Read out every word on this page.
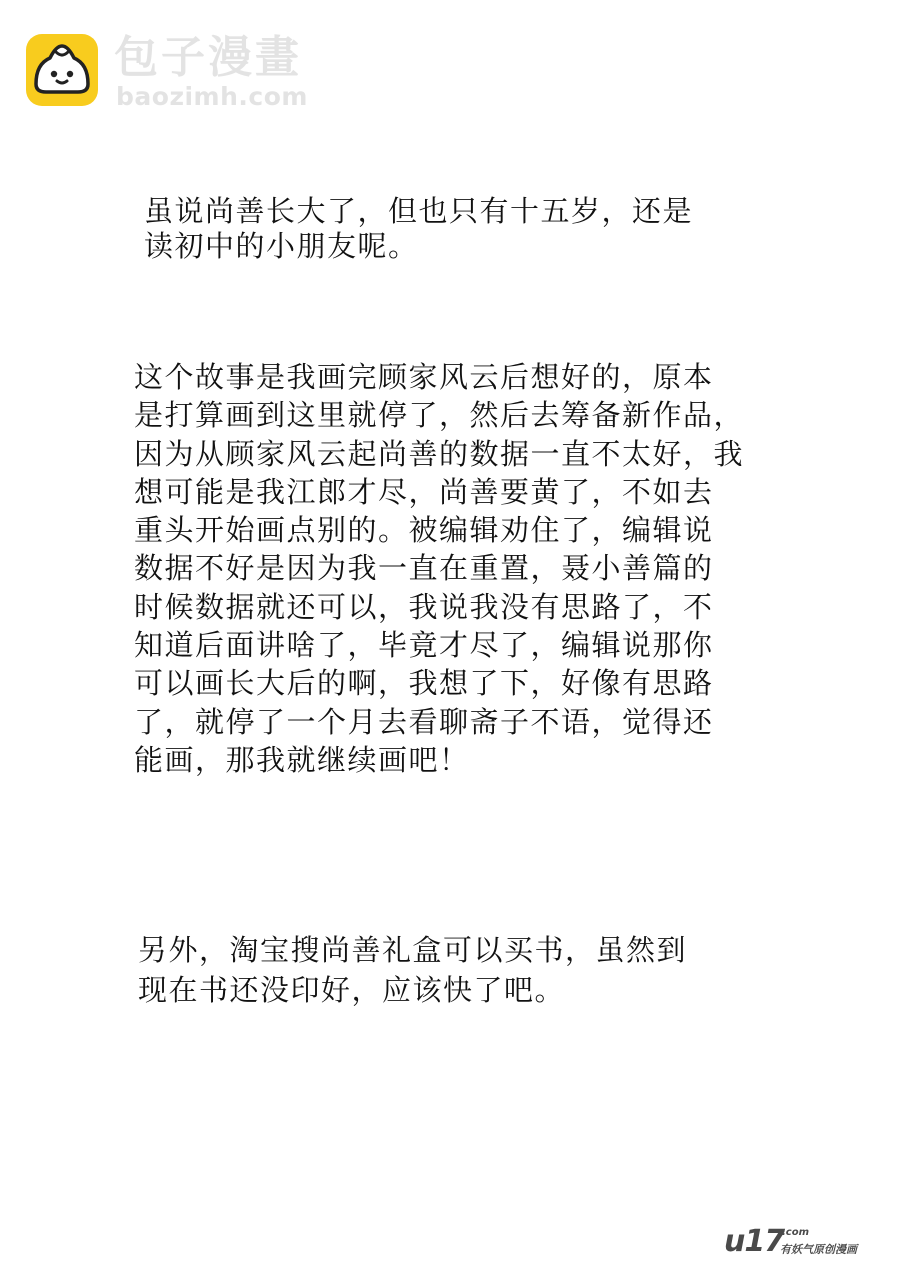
包子漫畫
baozimh.com
虽说尚善长大了，但也只有十五岁，还是
读初中的小朋友呢。
这个故事是我画完顾家风云后想好的，原本
是打算画到这里就停了，然后去筹备新作品，
因为从顾家风云起尚善的数据一直不太好，我
想可能是我江郎才尽，尚善要黄了，不如去
重头开始画点别的。被编辑劝住了，编辑说
数据不好是因为我一直在重置，聂小善篇的
时候数据就还可以，我说我没有思路了，不
知道后面讲啥了，毕竟才尽了，编辑说那你
可以画长大后的啊，我想了下，好像有思路
了，就停了一个月去看聊斋子不语，觉得还
能画，那我就继续画吧！
另外，淘宝搜尚善礼盒可以买书，虽然到
现在书还没印好，应该快了吧。
u17
.com
有妖气原创漫画
